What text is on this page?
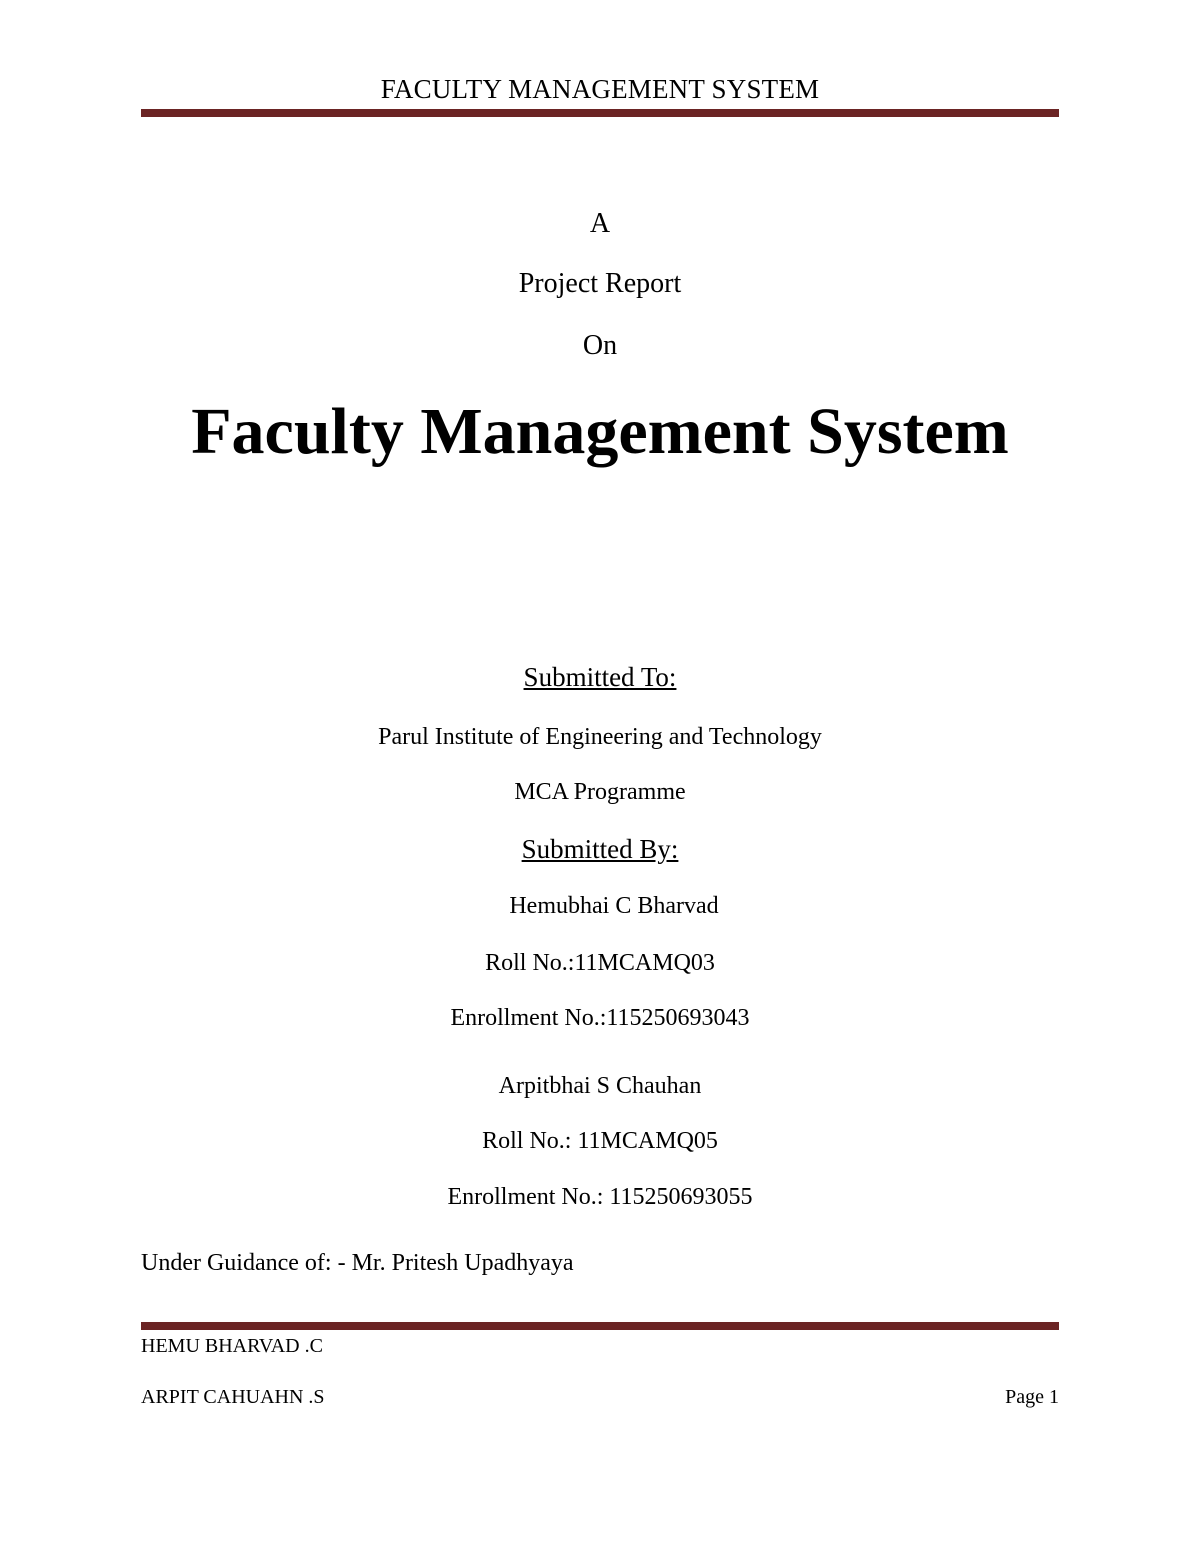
FACULTY MANAGEMENT SYSTEM
A
Project Report
On
Faculty Management System
Submitted To:
Parul Institute of Engineering and Technology
MCA Programme
Submitted By:
Hemubhai C Bharvad
Roll No.:11MCAMQ03
Enrollment No.:115250693043
Arpitbhai S Chauhan
Roll No.: 11MCAMQ05
Enrollment No.: 115250693055
Under Guidance of: - Mr. Pritesh Upadhyaya
HEMU BHARVAD .C
ARPIT CAHUAHN .S	Page 1
